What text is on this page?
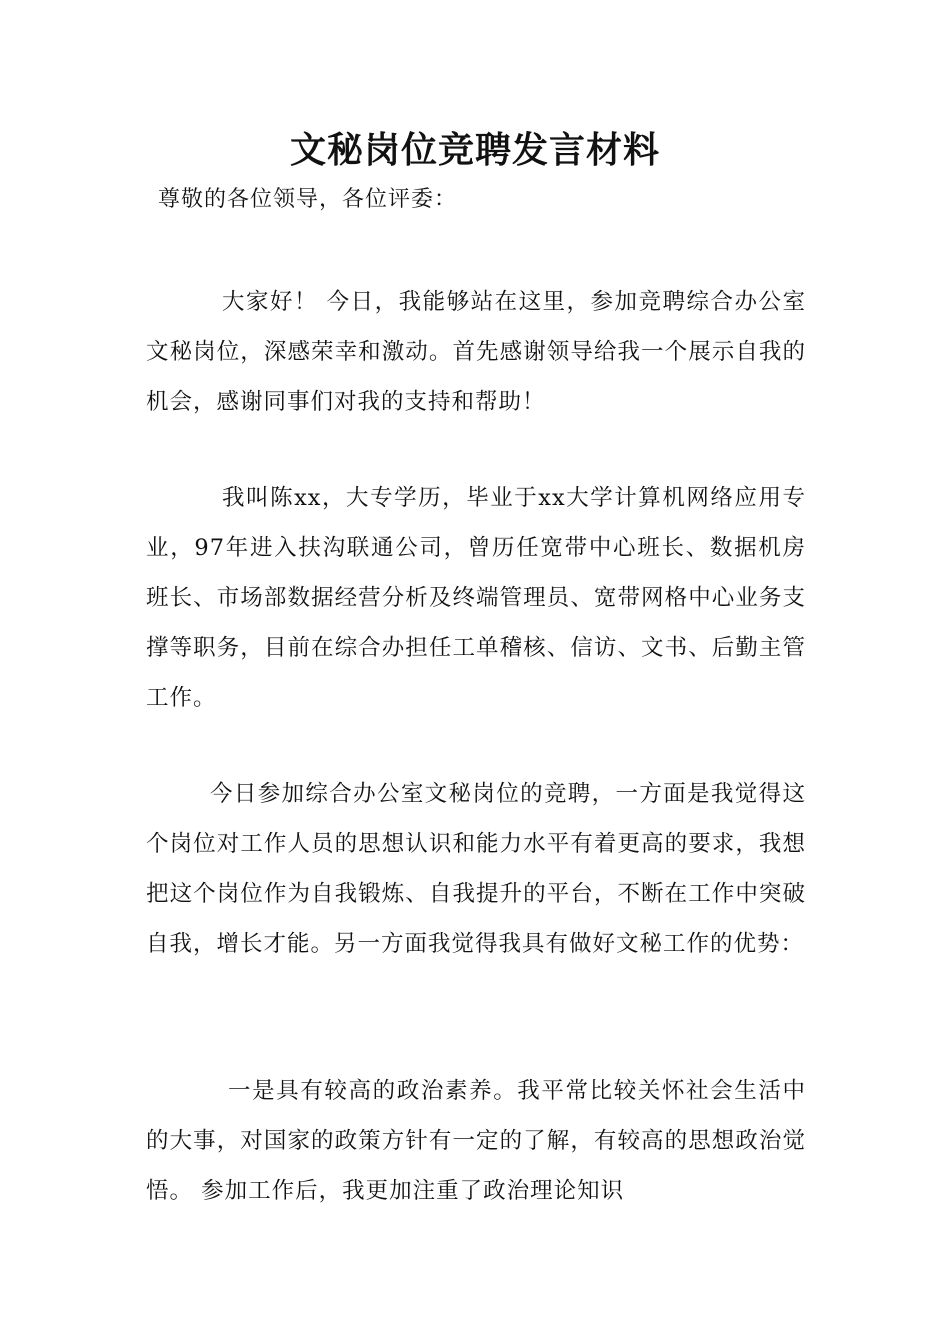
文秘岗位竞聘发言材料

尊敬的各位领导，各位评委：

大家好！ 今日，我能够站在这里，参加竞聘综合办公室文秘岗位，深感荣幸和激动。首先感谢领导给我一个展示自我的机会，感谢同事们对我的支持和帮助！

我叫陈xx，大专学历，毕业于xx大学计算机网络应用专业，97年进入扶沟联通公司，曾历任宽带中心班长、数据机房班长、市场部数据经营分析及终端管理员、宽带网格中心业务支撑等职务，目前在综合办担任工单稽核、信访、文书、后勤主管工作。

今日参加综合办公室文秘岗位的竞聘，一方面是我觉得这个岗位对工作人员的思想认识和能力水平有着更高的要求，我想把这个岗位作为自我锻炼、自我提升的平台，不断在工作中突破自我，增长才能。另一方面我觉得我具有做好文秘工作的优势：

一是具有较高的政治素养。我平常比较关怀社会生活中的大事，对国家的政策方针有一定的了解，有较高的思想政治觉悟。 参加工作后，我更加注重了政治理论知识
